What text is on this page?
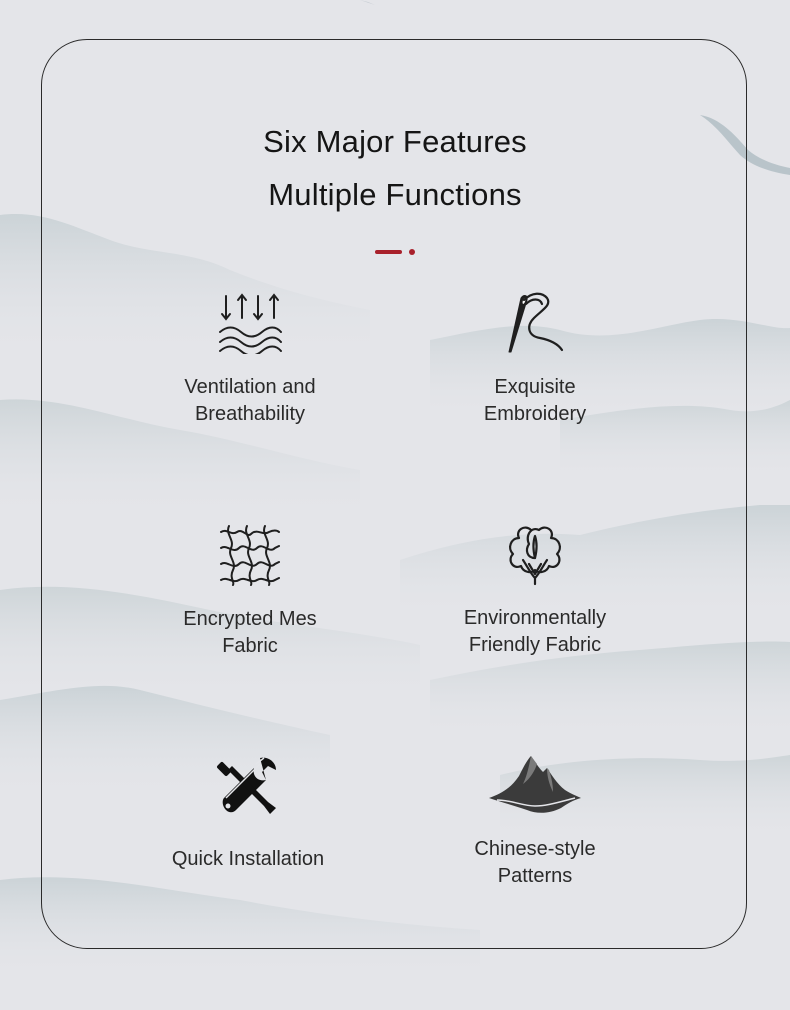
Six Major Features
Multiple Functions
Ventilation and
Breathability
Exquisite
Embroidery
Encrypted Mes
Fabric
Environmentally
Friendly Fabric
Quick Installation	Chinese-style
Patterns
